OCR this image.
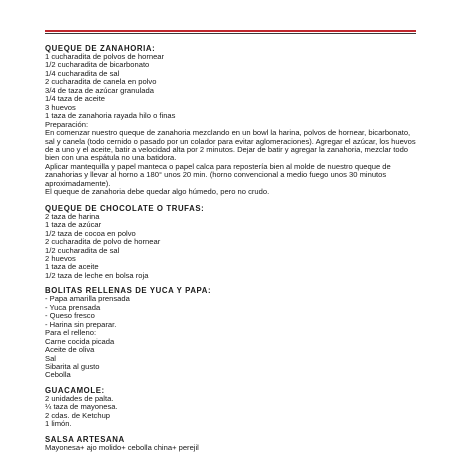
QUEQUE DE ZANAHORIA:
1 cucharadita de polvos de hornear
1/2 cucharadita de bicarbonato
1/4 cucharadita de sal
2 cucharadita de canela en polvo
3/4 de taza de azúcar granulada
1/4 taza de aceite
3 huevos
1 taza de zanahoria rayada hilo o finas
Preparación:
En comenzar nuestro queque de zanahoria mezclando en un bowl la harina, polvos de hornear, bicarbonato, sal y canela (todo cernido o pasado por un colador para evitar aglomeraciones). Agregar el azúcar, los huevos de a uno y el aceite, batir a velocidad alta por 2 minutos. Dejar de batir y agregar la zanahoria, mezclar todo bien con una espátula no una batidora.
Aplicar mantequilla y papel manteca o papel calca para repostería bien al molde de nuestro queque de zanahorias y llevar al horno a 180° unos 20 min. (horno convencional a medio fuego unos 30 minutos aproximadamente).
El queque de zanahoria debe quedar algo húmedo, pero no crudo.
QUEQUE DE CHOCOLATE O TRUFAS:
2 taza de harina
1 taza de azúcar
1/2 taza de cocoa en polvo
2 cucharadita de polvo de hornear
1/2 cucharadita de sal
2 huevos
1 taza de aceite
1/2 taza de leche en bolsa roja
BOLITAS RELLENAS DE YUCA Y PAPA:
- Papa amarilla prensada
- Yuca prensada
- Queso fresco
- Harina sin preparar.
Para el relleno:
Carne cocida picada
Aceite de oliva
Sal
Sibarita al gusto
Cebolla
GUACAMOLE:
2 unidades de palta.
¼ taza de mayonesa.
2 cdas. de Ketchup
1 limón.
SALSA ARTESANA
Mayonesa+ ajo molido+ cebolla china+ perejil
